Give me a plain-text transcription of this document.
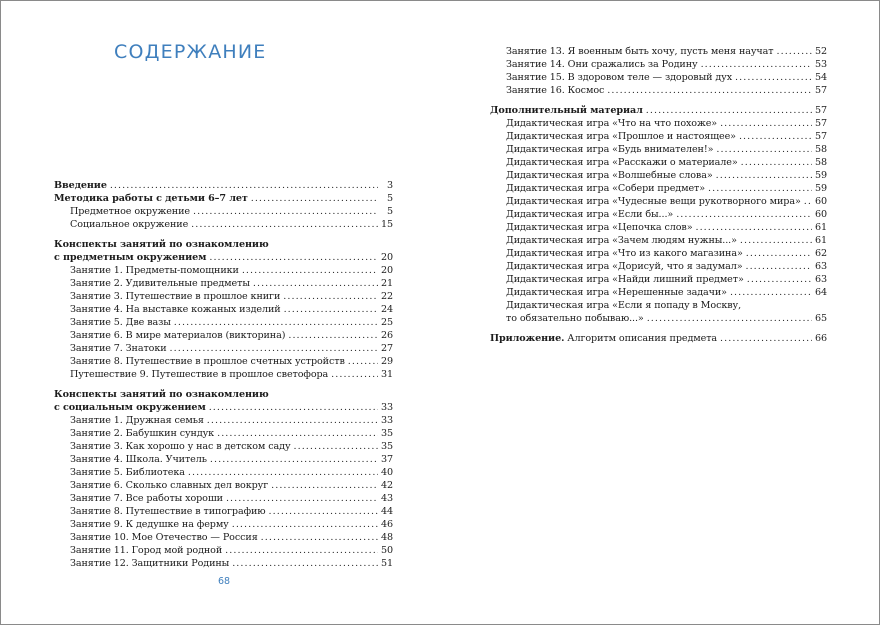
СОДЕРЖАНИЕ
Введение . . .	3
Методика работы с детьми 6–7 лет . . .	5
Предметное окружение . . .	5
Социальное окружение . . .	15
Конспекты занятий по ознакомлению
с предметным окружением . . .	20
Занятие 1. Предметы-помощники . . .	20
Занятие 2. Удивительные предметы . . .	21
Занятие 3. Путешествие в прошлое книги . . .	22
Занятие 4. На выставке кожаных изделий . . .	24
Занятие 5. Две вазы . . .	25
Занятие 6. В мире материалов (викторина) . . .	26
Занятие 7. Знатоки . . .	27
Занятие 8. Путешествие в прошлое счетных устройств . . .	29
Путешествие 9. Путешествие в прошлое светофора . . .	31
Конспекты занятий по ознакомлению
с социальным окружением . . .	33
Занятие 1. Дружная семья . . .	33
Занятие 2. Бабушкин сундук . . .	35
Занятие 3. Как хорошо у нас в детском саду . . .	35
Занятие 4. Школа. Учитель . . .	37
Занятие 5. Библиотека . . .	40
Занятие 6. Сколько славных дел вокруг . . .	42
Занятие 7. Все работы хороши . . .	43
Занятие 8. Путешествие в типографию . . .	44
Занятие 9. К дедушке на ферму . . .	46
Занятие 10. Мое Отечество — Россия . . .	48
Занятие 11. Город мой родной . . .	50
Занятие 12. Защитники Родины . . .	51
Занятие 13. Я военным быть хочу, пусть меня научат . . .	52
Занятие 14. Они сражались за Родину . . .	53
Занятие 15. В здоровом теле — здоровый дух . . .	54
Занятие 16. Космос . . .	57
Дополнительный материал . . .	57
Дидактическая игра «Что на что похоже» . . .	57
Дидактическая игра «Прошлое и настоящее» . . .	57
Дидактическая игра «Будь внимателен!» . . .	58
Дидактическая игра «Расскажи о материале» . . .	58
Дидактическая игра «Волшебные слова» . . .	59
Дидактическая игра «Собери предмет» . . .	59
Дидактическая игра «Чудесные вещи рукотворного мира» . . . 60
Дидактическая игра «Если бы...» . . .	60
Дидактическая игра «Цепочка слов» . . .	61
Дидактическая игра «Зачем людям нужны...» . . .	61
Дидактическая игра «Что из какого магазина» . . .	62
Дидактическая игра «Дорисуй, что я задумал» . . .	63
Дидактическая игра «Найди лишний предмет» . . .	63
Дидактическая игра «Нерешенные задачи» . . .	64
Дидактическая игра «Если я попаду в Москву,
то обязательно побываю...» . . .	65
Приложение. Алгоритм описания предмета . . .	66
68
